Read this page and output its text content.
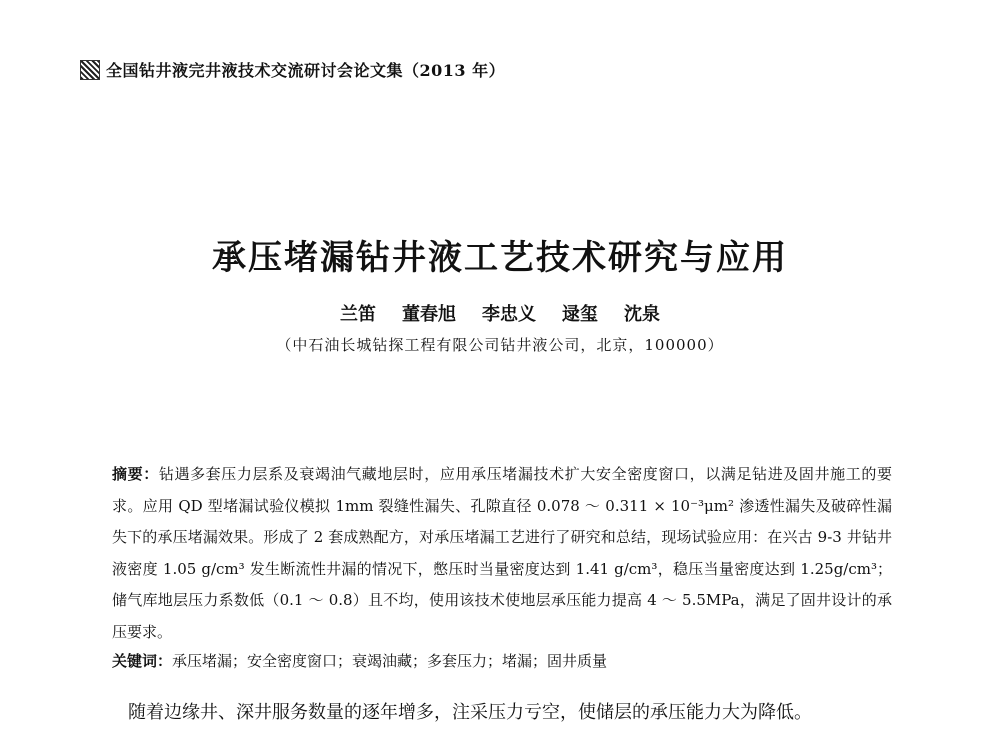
全国钻井液完井液技术交流研讨会论文集（2013 年）
承压堵漏钻井液工艺技术研究与应用
兰笛 董春旭 李忠义 逯玺 沈泉
（中石油长城钻探工程有限公司钻井液公司，北京，100000）
摘要：钻遇多套压力层系及衰竭油气藏地层时，应用承压堵漏技术扩大安全密度窗口，以满足钻进及固井施工的要求。应用 QD 型堵漏试验仪模拟 1mm 裂缝性漏失、孔隙直径 0.078 ～ 0.311 × 10⁻³μm² 渗透性漏失及破碎性漏失下的承压堵漏效果。形成了 2 套成熟配方，对承压堵漏工艺进行了研究和总结，现场试验应用：在兴古 9-3 井钻井液密度 1.05 g/cm³ 发生断流性井漏的情况下，憋压时当量密度达到 1.41 g/cm³，稳压当量密度达到 1.25g/cm³；储气库地层压力系数低（0.1 ～ 0.8）且不均，使用该技术使地层承压能力提高 4 ～ 5.5MPa，满足了固井设计的承压要求。
关键词：承压堵漏；安全密度窗口；衰竭油藏；多套压力；堵漏；固井质量
随着边缘井、深井服务数量的逐年增多，注采压力亏空，使储层的承压能力大为降低。
